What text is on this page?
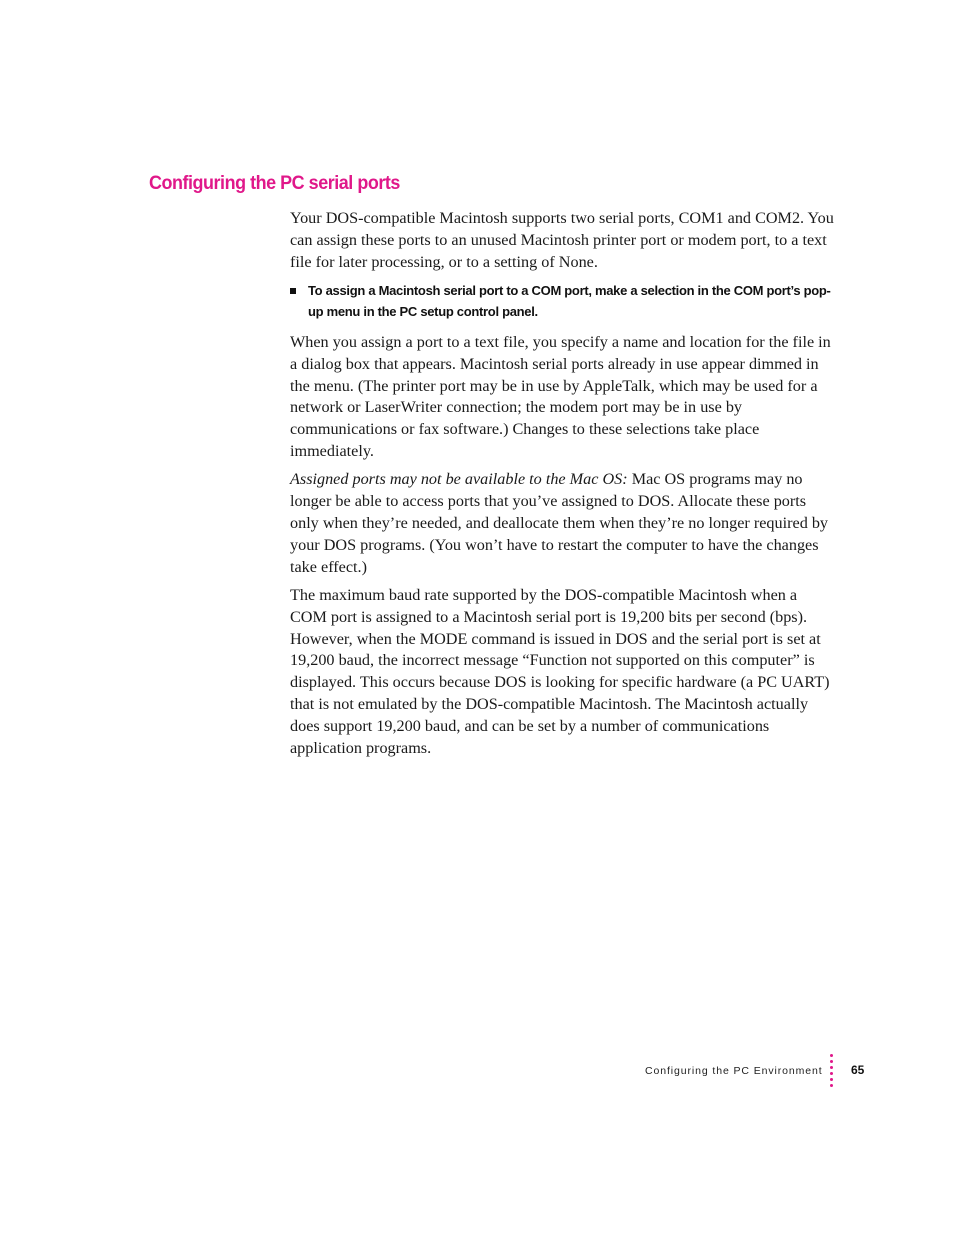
Configuring the PC serial ports

Your DOS-compatible Macintosh supports two serial ports, COM1 and COM2. You can assign these ports to an unused Macintosh printer port or modem port, to a text file for later processing, or to a setting of None.

To assign a Macintosh serial port to a COM port, make a selection in the COM port’s pop-up menu in the PC setup control panel.

When you assign a port to a text file, you specify a name and location for the file in a dialog box that appears. Macintosh serial ports already in use appear dimmed in the menu. (The printer port may be in use by AppleTalk, which may be used for a network or LaserWriter connection; the modem port may be in use by communications or fax software.) Changes to these selections take place immediately.

Assigned ports may not be available to the Mac OS: Mac OS programs may no longer be able to access ports that you’ve assigned to DOS. Allocate these ports only when they’re needed, and deallocate them when they’re no longer required by your DOS programs. (You won’t have to restart the computer to have the changes take effect.)

The maximum baud rate supported by the DOS-compatible Macintosh when a COM port is assigned to a Macintosh serial port is 19,200 bits per second (bps). However, when the MODE command is issued in DOS and the serial port is set at 19,200 baud, the incorrect message “Function not supported on this computer” is displayed. This occurs because DOS is looking for specific hardware (a PC UART) that is not emulated by the DOS-compatible Macintosh. The Macintosh actually does support 19,200 baud, and can be set by a number of communications application programs.

Configuring the PC Environment 65
